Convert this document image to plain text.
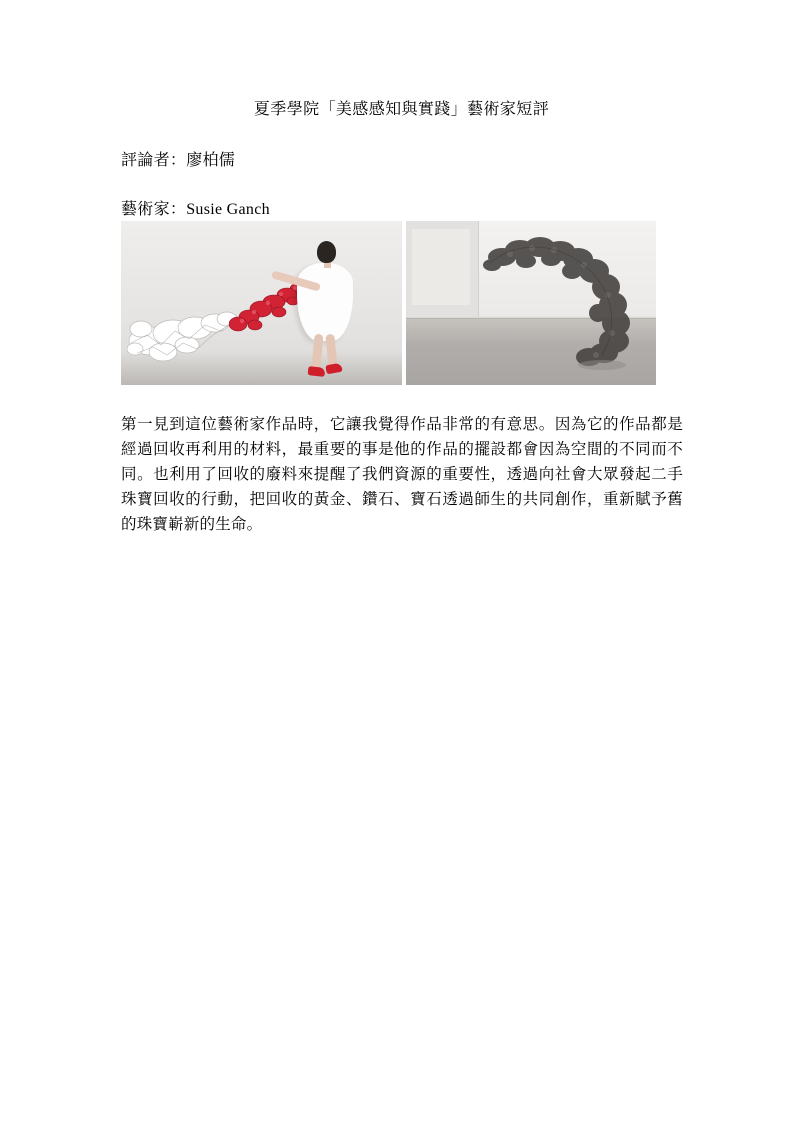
夏季學院「美感感知與實踐」藝術家短評
評論者：廖柏儒
藝術家：Susie Ganch
第一見到這位藝術家作品時，它讓我覺得作品非常的有意思。因為它的作品都是經過回收再利用的材料，最重要的事是他的作品的擺設都會因為空間的不同而不同。也利用了回收的廢料來提醒了我們資源的重要性，透過向社會大眾發起二手珠寶回收的行動，把回收的黃金、鑽石、寶石透過師生的共同創作，重新賦予舊的珠寶嶄新的生命。
